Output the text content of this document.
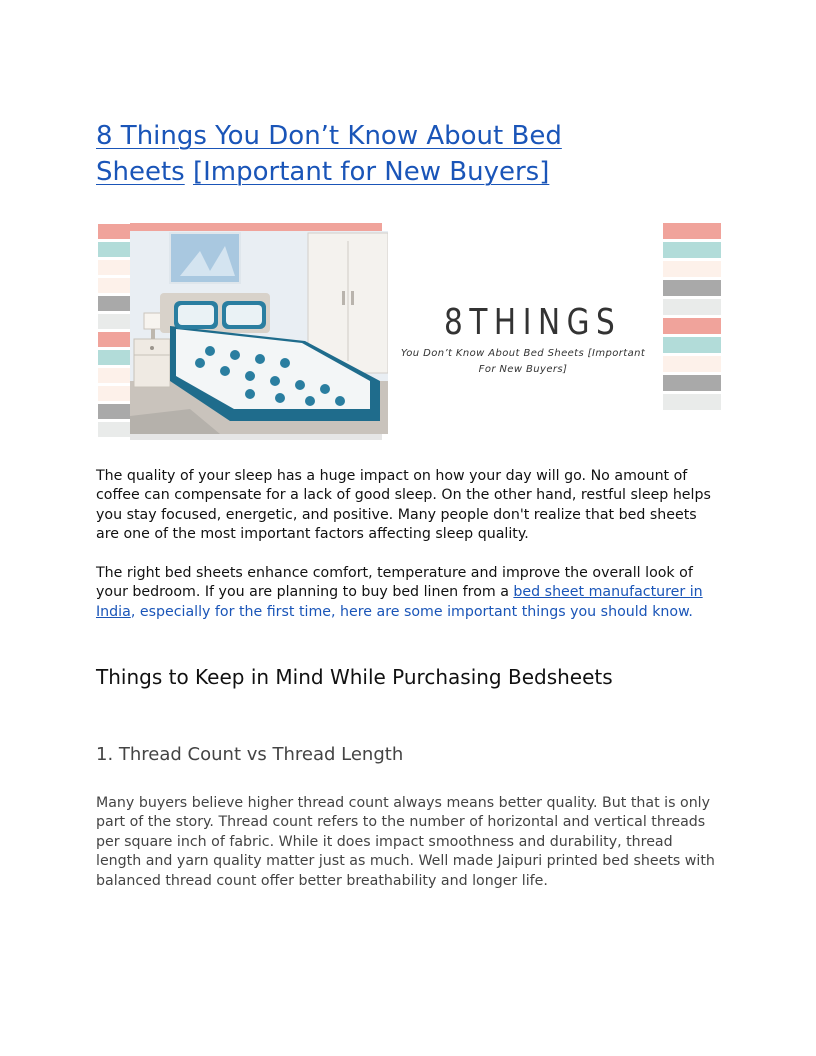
8 Things You Don’t Know About Bed Sheets [Important for New Buyers]
8THINGS
You Don’t Know About Bed Sheets [Important For New Buyers]

The quality of your sleep has a huge impact on how your day will go. No amount of coffee can compensate for a lack of good sleep. On the other hand, restful sleep helps you stay focused, energetic, and positive. Many people don't realize that bed sheets are one of the most important factors affecting sleep quality.

The right bed sheets enhance comfort, temperature and improve the overall look of your bedroom. If you are planning to buy bed linen from a bed sheet manufacturer in India, especially for the first time, here are some important things you should know.

Things to Keep in Mind While Purchasing Bedsheets
1. Thread Count vs Thread Length

Many buyers believe higher thread count always means better quality. But that is only part of the story. Thread count refers to the number of horizontal and vertical threads per square inch of fabric. While it does impact smoothness and durability, thread length and yarn quality matter just as much. Well made Jaipuri printed bed sheets with balanced thread count offer better breathability and longer life.
